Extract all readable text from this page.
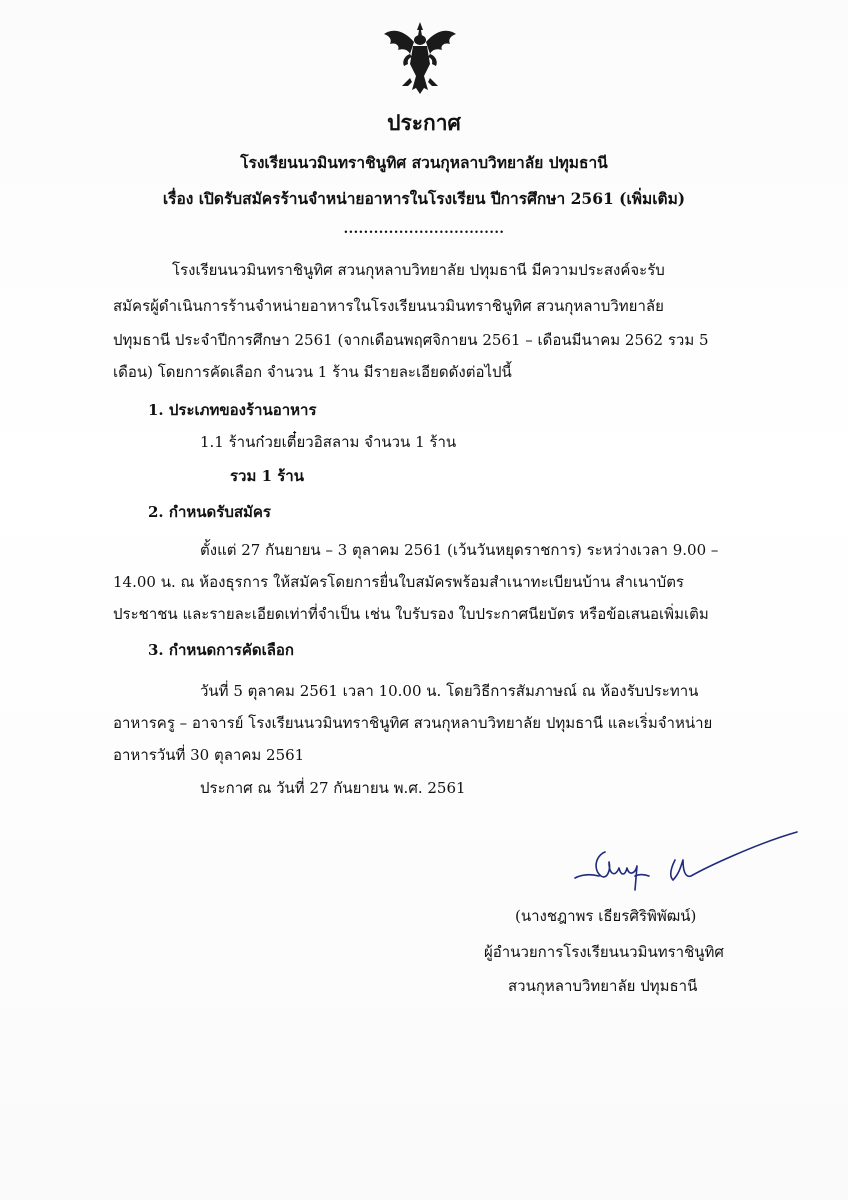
ประกาศ
โรงเรียนนวมินทราชินูทิศ สวนกุหลาบวิทยาลัย ปทุมธานี
เรื่อง เปิดรับสมัครร้านจำหน่ายอาหารในโรงเรียน ปีการศึกษา 2561 (เพิ่มเติม)
................................
โรงเรียนนวมินทราชินูทิศ สวนกุหลาบวิทยาลัย ปทุมธานี มีความประสงค์จะรับ
สมัครผู้ดำเนินการร้านจำหน่ายอาหารในโรงเรียนนวมินทราชินูทิศ สวนกุหลาบวิทยาลัย
ปทุมธานี ประจำปีการศึกษา 2561 (จากเดือนพฤศจิกายน 2561 – เดือนมีนาคม 2562 รวม 5
เดือน) โดยการคัดเลือก จำนวน 1 ร้าน มีรายละเอียดดังต่อไปนี้
1. ประเภทของร้านอาหาร
1.1 ร้านก๋วยเตี๋ยวอิสลาม จำนวน 1 ร้าน
รวม 1 ร้าน
2. กำหนดรับสมัคร
ตั้งแต่ 27 กันยายน – 3 ตุลาคม 2561 (เว้นวันหยุดราชการ) ระหว่างเวลา 9.00 –
14.00 น. ณ ห้องธุรการ ให้สมัครโดยการยื่นใบสมัครพร้อมสำเนาทะเบียนบ้าน สำเนาบัตร
ประชาชน และรายละเอียดเท่าที่จำเป็น เช่น ใบรับรอง ใบประกาศนียบัตร หรือข้อเสนอเพิ่มเติม
3. กำหนดการคัดเลือก
วันที่ 5 ตุลาคม 2561 เวลา 10.00 น. โดยวิธีการสัมภาษณ์ ณ ห้องรับประทาน
อาหารครู – อาจารย์ โรงเรียนนวมินทราชินูทิศ สวนกุหลาบวิทยาลัย ปทุมธานี และเริ่มจำหน่าย
อาหารวันที่ 30 ตุลาคม 2561
ประกาศ ณ วันที่ 27 กันยายน พ.ศ. 2561
(นางชฎาพร เธียรศิริพิพัฒน์)
ผู้อำนวยการโรงเรียนนวมินทราชินูทิศ
สวนกุหลาบวิทยาลัย ปทุมธานี
